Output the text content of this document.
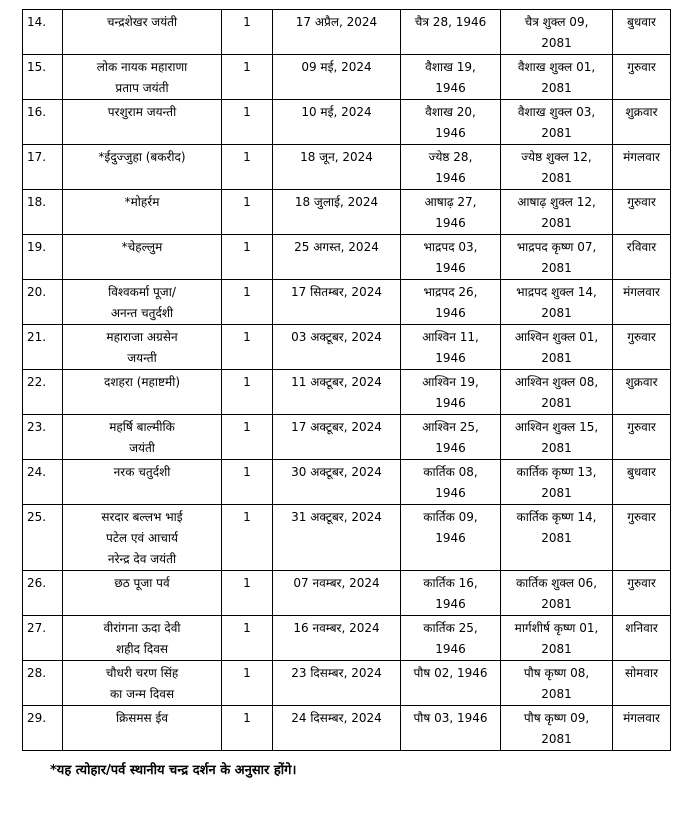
14.	चन्द्रशेखर जयंती	1	17 अप्रैल, 2024	चैत्र 28, 1946	चैत्र शुक्ल 09,
2081	बुधवार
15.	लोक नायक महाराणा
प्रताप जयंती	1	09 मई, 2024	वैशाख 19,
1946	वैशाख शुक्ल 01,
2081	गुरुवार
16.	परशुराम जयन्ती	1	10 मई, 2024	वैशाख 20,
1946	वैशाख शुक्ल 03,
2081	शुक्रवार
17.	*ईदुज्जुहा (बकरीद)	1	18 जून, 2024	ज्येष्ठ 28,
1946	ज्येष्ठ शुक्ल 12,
2081	मंगलवार
18.	*मोहर्रम	1	18 जुलाई, 2024	आषाढ़ 27,
1946	आषाढ़ शुक्ल 12,
2081	गुरुवार
19.	*चेहल्लुम	1	25 अगस्त, 2024	भाद्रपद 03,
1946	भाद्रपद कृष्ण 07,
2081	रविवार
20.	विश्वकर्मा पूजा/
अनन्त चतुर्दशी	1	17 सितम्बर, 2024	भाद्रपद 26,
1946	भाद्रपद शुक्ल 14,
2081	मंगलवार
21.	महाराजा अग्रसेन
जयन्ती	1	03 अक्टूबर, 2024	आश्विन 11,
1946	आश्विन शुक्ल 01,
2081	गुरुवार
22.	दशहरा (महाष्टमी)	1	11 अक्टूबर, 2024	आश्विन 19,
1946	आश्विन शुक्ल 08,
2081	शुक्रवार
23.	महर्षि बाल्मीकि
जयंती	1	17 अक्टूबर, 2024	आश्विन 25,
1946	आश्विन शुक्ल 15,
2081	गुरुवार
24.	नरक चतुर्दशी	1	30 अक्टूबर, 2024	कार्तिक 08,
1946	कार्तिक कृष्ण 13,
2081	बुधवार
25.	सरदार बल्लभ भाई
पटेल एवं आचार्य
नरेन्द्र देव जयंती	1	31 अक्टूबर, 2024	कार्तिक 09,
1946	कार्तिक कृष्ण 14,
2081	गुरुवार
26.	छठ पूजा पर्व	1	07 नवम्बर, 2024	कार्तिक 16,
1946	कार्तिक शुक्ल 06,
2081	गुरुवार
27.	वीरांगना ऊदा देवी
शहीद दिवस	1	16 नवम्बर, 2024	कार्तिक 25,
1946	मार्गशीर्ष कृष्ण 01,
2081	शनिवार
28.	चौधरी चरण सिंह
का जन्म दिवस	1	23 दिसम्बर, 2024	पौष 02, 1946	पौष कृष्ण 08,
2081	सोमवार
29.	क्रिसमस ईव	1	24 दिसम्बर, 2024	पौष 03, 1946	पौष कृष्ण 09,
2081	मंगलवार
*यह त्योहार/पर्व स्थानीय चन्द्र दर्शन के अनुसार होंगे।
